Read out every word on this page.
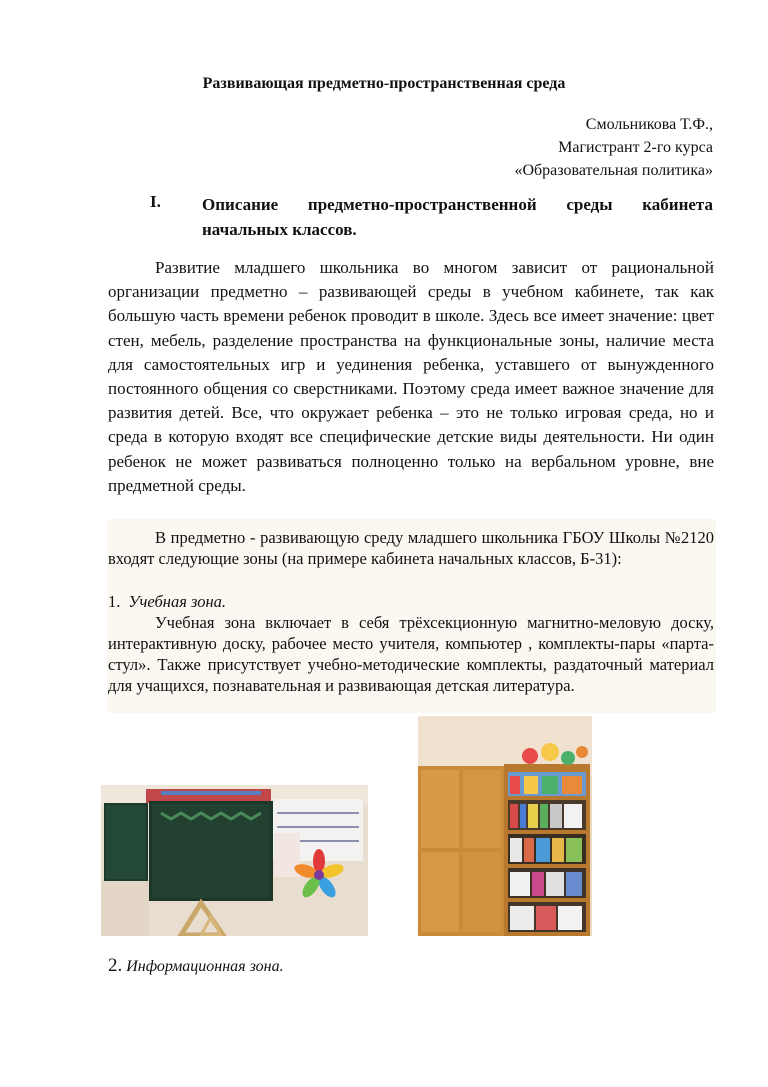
Развивающая предметно-пространственная среда
Смольникова Т.Ф.,
Магистрант 2-го курса
«Образовательная политика»
I. Описание предметно-пространственной среды кабинета начальных классов.

Развитие младшего школьника во многом зависит от рациональной организации предметно – развивающей среды в учебном кабинете, так как большую часть времени ребенок проводит в школе. Здесь все имеет значение: цвет стен, мебель, разделение пространства на функциональные зоны, наличие места для самостоятельных игр и уединения ребенка, уставшего от вынужденного постоянного общения со сверстниками. Поэтому среда имеет важное значение для развития детей. Все, что окружает ребенка – это не только игровая среда, но и среда в которую входят все специфические детские виды деятельности. Ни один ребенок не может развиваться полноценно только на вербальном уровне, вне предметной среды.

В предметно - развивающую среду младшего школьника ГБОУ Школы №2120 входят следующие зоны (на примере кабинета начальных классов, Б-31):

1. Учебная зона.

Учебная зона включает в себя трёхсекционную магнитно-меловую доску, интерактивную доску, рабочее место учителя, компьютер , комплекты-пары «парта-стул». Также присутствует учебно-методические комплекты, раздаточный материал для учащихся, познавательная и развивающая детская литература.

2. Информационная зона.
